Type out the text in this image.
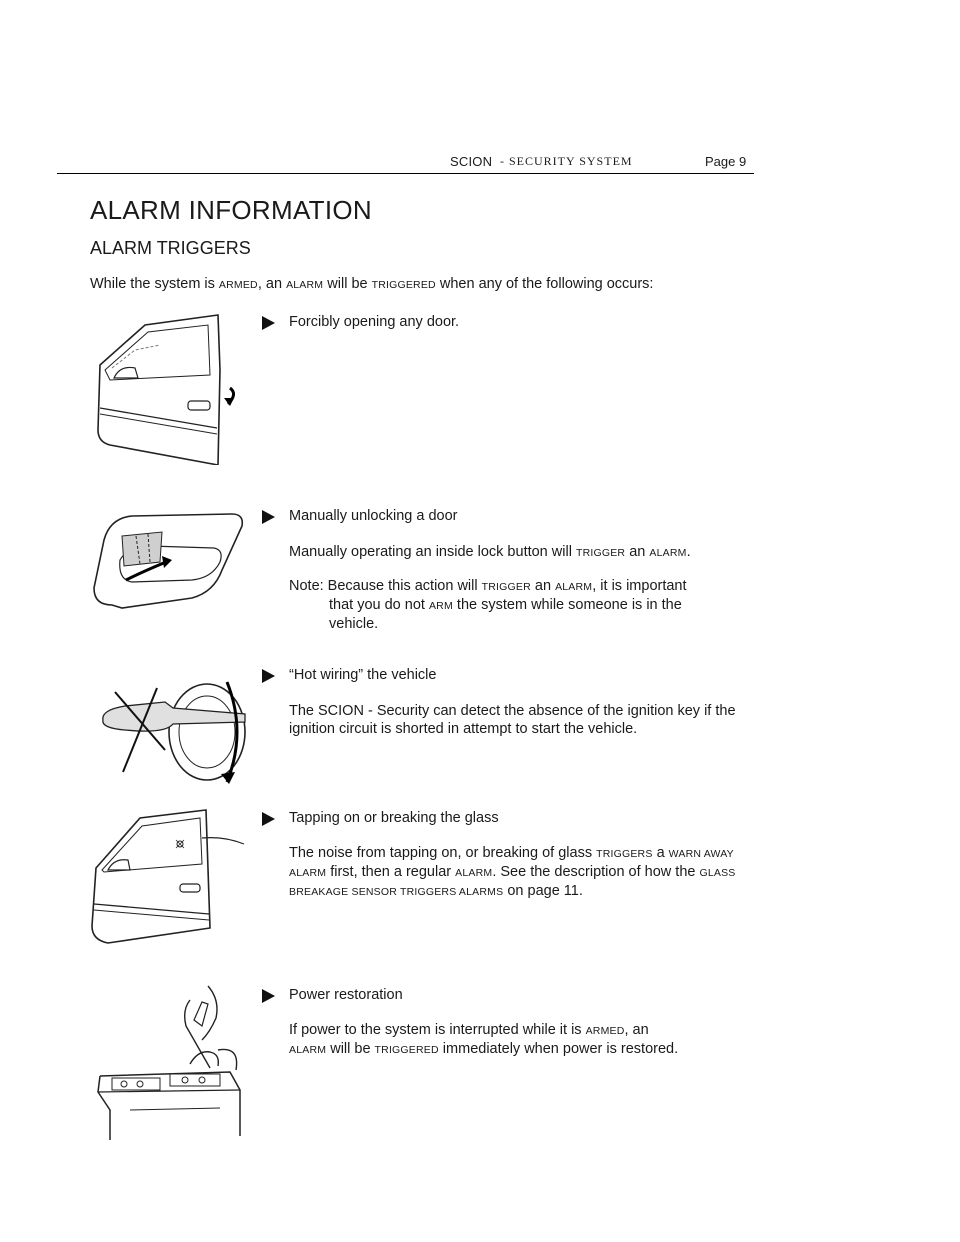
SCION - SECURITY SYSTEM	Page 9
ALARM INFORMATION
ALARM TRIGGERS
While the system is ARMED, an ALARM will be TRIGGERED when any of the following occurs:
Forcibly opening any door.
Manually unlocking a door
Manually operating an inside lock button will TRIGGER an ALARM.
Note: Because this action will TRIGGER an ALARM, it is important
that you do not ARM the system while someone is in the
vehicle.
“Hot wiring” the vehicle
The SCION - Security can detect the absence of the ignition key if the ignition circuit is shorted in attempt to start the vehicle.
Tapping on or breaking the glass
The noise from tapping on, or breaking of glass TRIGGERS a WARN AWAY ALARM first, then a regular ALARM. See the description of how the GLASS BREAKAGE SENSOR TRIGGERS ALARMS on page 11.
Power restoration
If power to the system is interrupted while it is ARMED, an
ALARM will be TRIGGERED immediately when power is restored.
